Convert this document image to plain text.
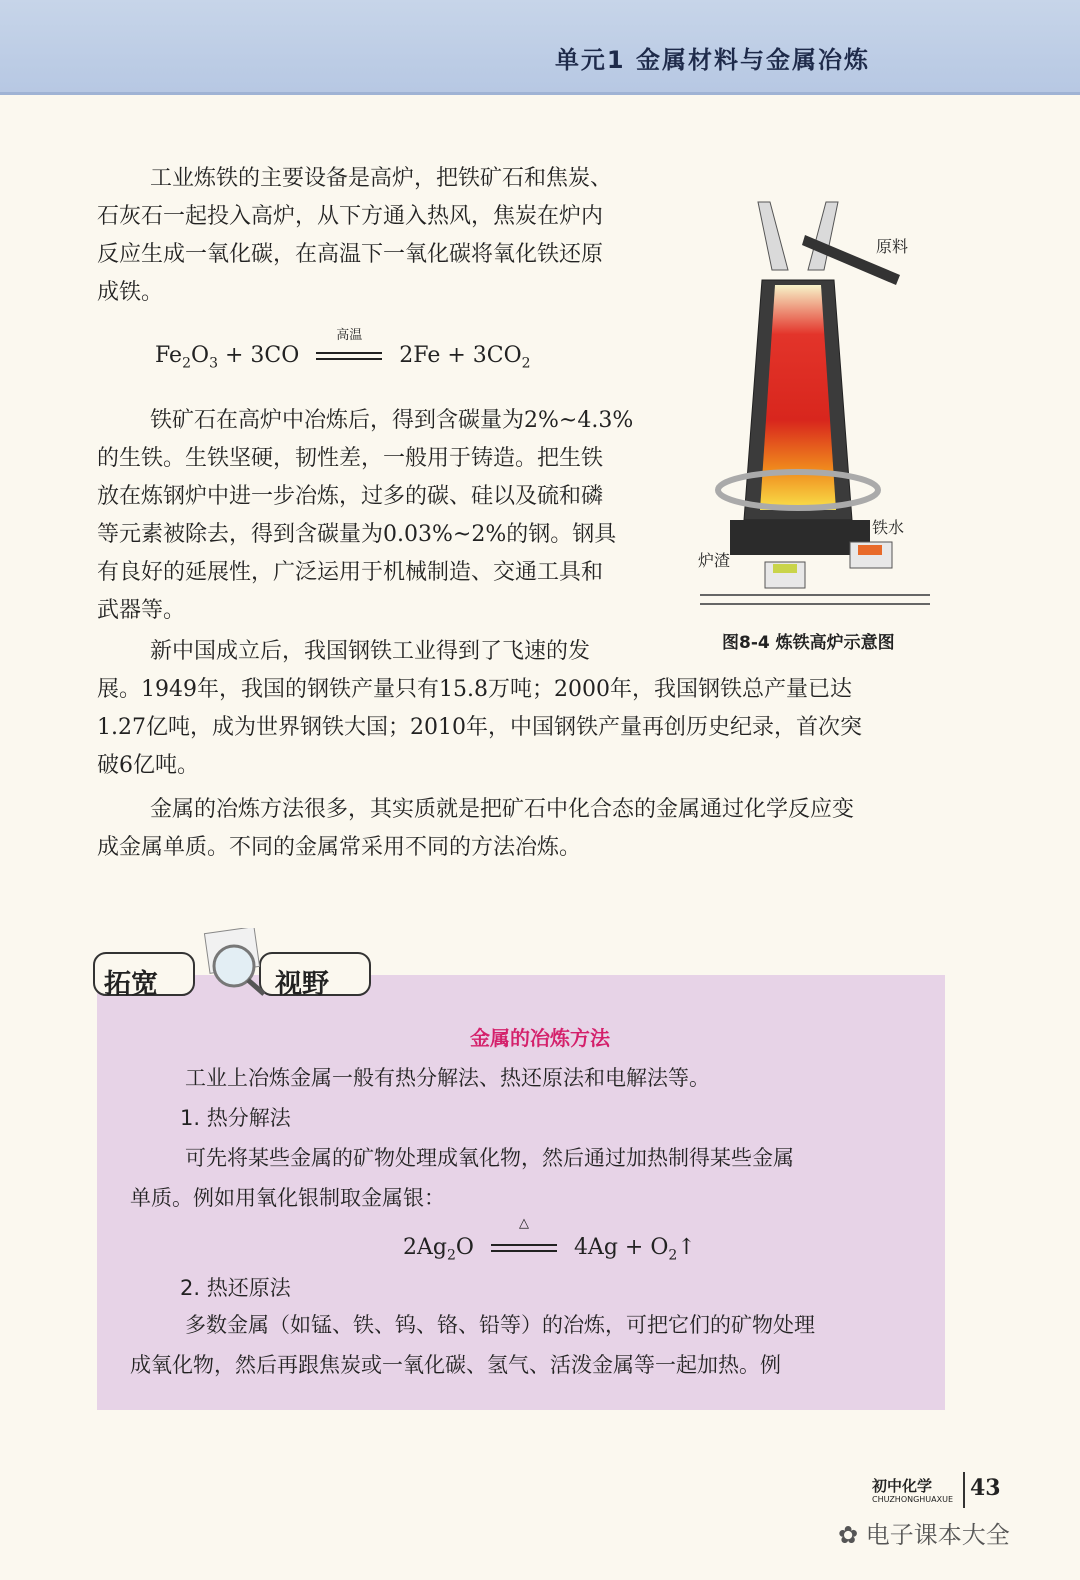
单元1 金属材料与金属冶炼

工业炼铁的主要设备是高炉，把铁矿石和焦炭、

石灰石一起投入高炉，从下方通入热风，焦炭在炉内

反应生成一氧化碳，在高温下一氧化碳将氧化铁还原

成铁。

$Fe_2O_3 + 3CO$
高温
$2Fe + 3CO_2$

铁矿石在高炉中冶炼后，得到含碳量为2%~4.3%

的生铁。生铁坚硬，韧性差，一般用于铸造。把生铁

放在炼钢炉中进一步冶炼，过多的碳、硅以及硫和磷

等元素被除去，得到含碳量为0.03%~2%的钢。钢具

有良好的延展性，广泛运用于机械制造、交通工具和

武器等。

新中国成立后，我国钢铁工业得到了飞速的发

展。1949年，我国的钢铁产量只有15.8万吨；2000年，我国钢铁总产量已达

1.27亿吨，成为世界钢铁大国；2010年，中国钢铁产量再创历史纪录，首次突

破6亿吨。

金属的冶炼方法很多，其实质就是把矿石中化合态的金属通过化学反应变

成金属单质。不同的金属常采用不同的方法冶炼。

原料
铁水
炉渣
图8-4 炼铁高炉示意图
拓宽	视野
金属的冶炼方法

工业上冶炼金属一般有热分解法、热还原法和电解法等。

1. 热分解法

可先将某些金属的矿物处理成氧化物，然后通过加热制得某些金属

单质。例如用氧化银制取金属银：

$2Ag_2O$
△
$4Ag + O_2↑$
2. 热还原法

多数金属（如锰、铁、钨、铬、铅等）的冶炼，可把它们的矿物处理

成氧化物，然后再跟焦炭或一氧化碳、氢气、活泼金属等一起加热。例

初中化学
CHUZHONGHUAXUE 43
✿ 电子课本大全
